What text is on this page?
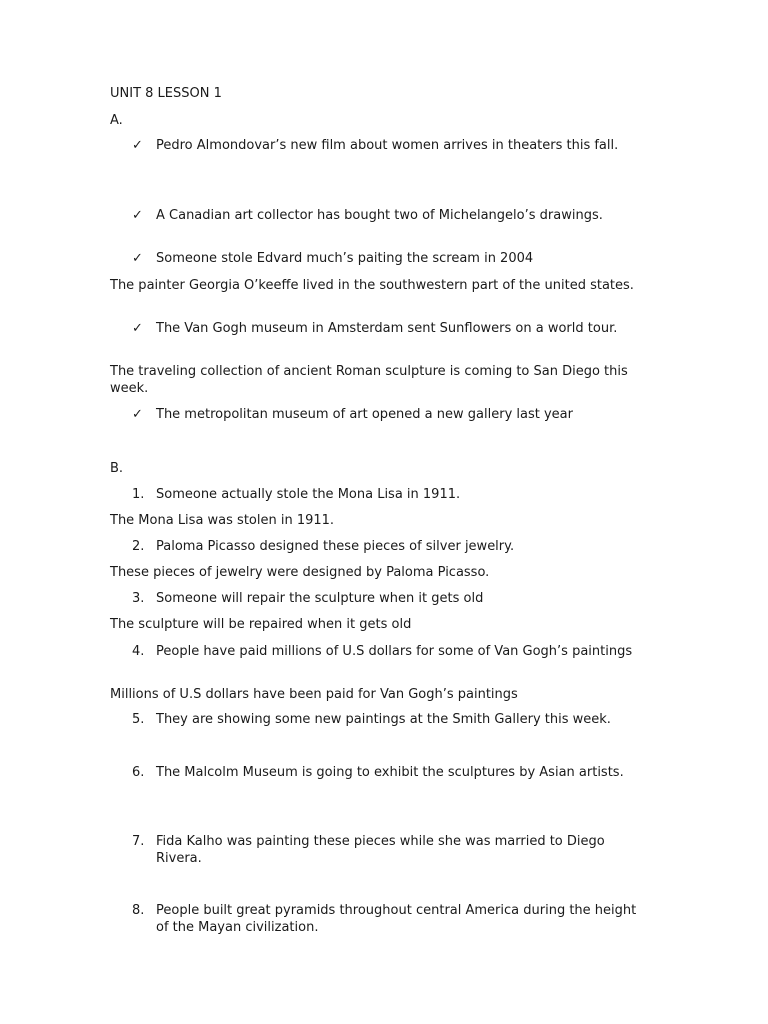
UNIT 8 LESSON 1

A.

✓	Pedro Almondovar’s new film about women arrives in theaters this fall.
✓	A Canadian art collector has bought two of Michelangelo’s drawings.
✓	Someone stole Edvard much’s paiting the scream in 2004

The painter Georgia O’keeffe lived in the southwestern part of the united states.

✓	The Van Gogh museum in Amsterdam sent Sunflowers on a world tour.

The traveling collection of ancient Roman sculpture is coming to San Diego this week.

✓	The metropolitan museum of art opened a new gallery last year

B.

1. Someone actually stole the Mona Lisa in 1911.

The Mona Lisa was stolen in 1911.

2. Paloma Picasso designed these pieces of silver jewelry.

These pieces of jewelry were designed by Paloma Picasso.

3. Someone will repair the sculpture when it gets old

The sculpture will be repaired when it gets old

4. People have paid millions of U.S dollars for some of Van Gogh’s paintings

Millions of U.S dollars have been paid for Van Gogh’s paintings

5. They are showing some new paintings at the Smith Gallery this week.
6. The Malcolm Museum is going to exhibit the sculptures by Asian artists.
7. Fida Kalho was painting these pieces while she was married to Diego Rivera.
8. People built great pyramids throughout central America during the height of the Mayan civilization.
